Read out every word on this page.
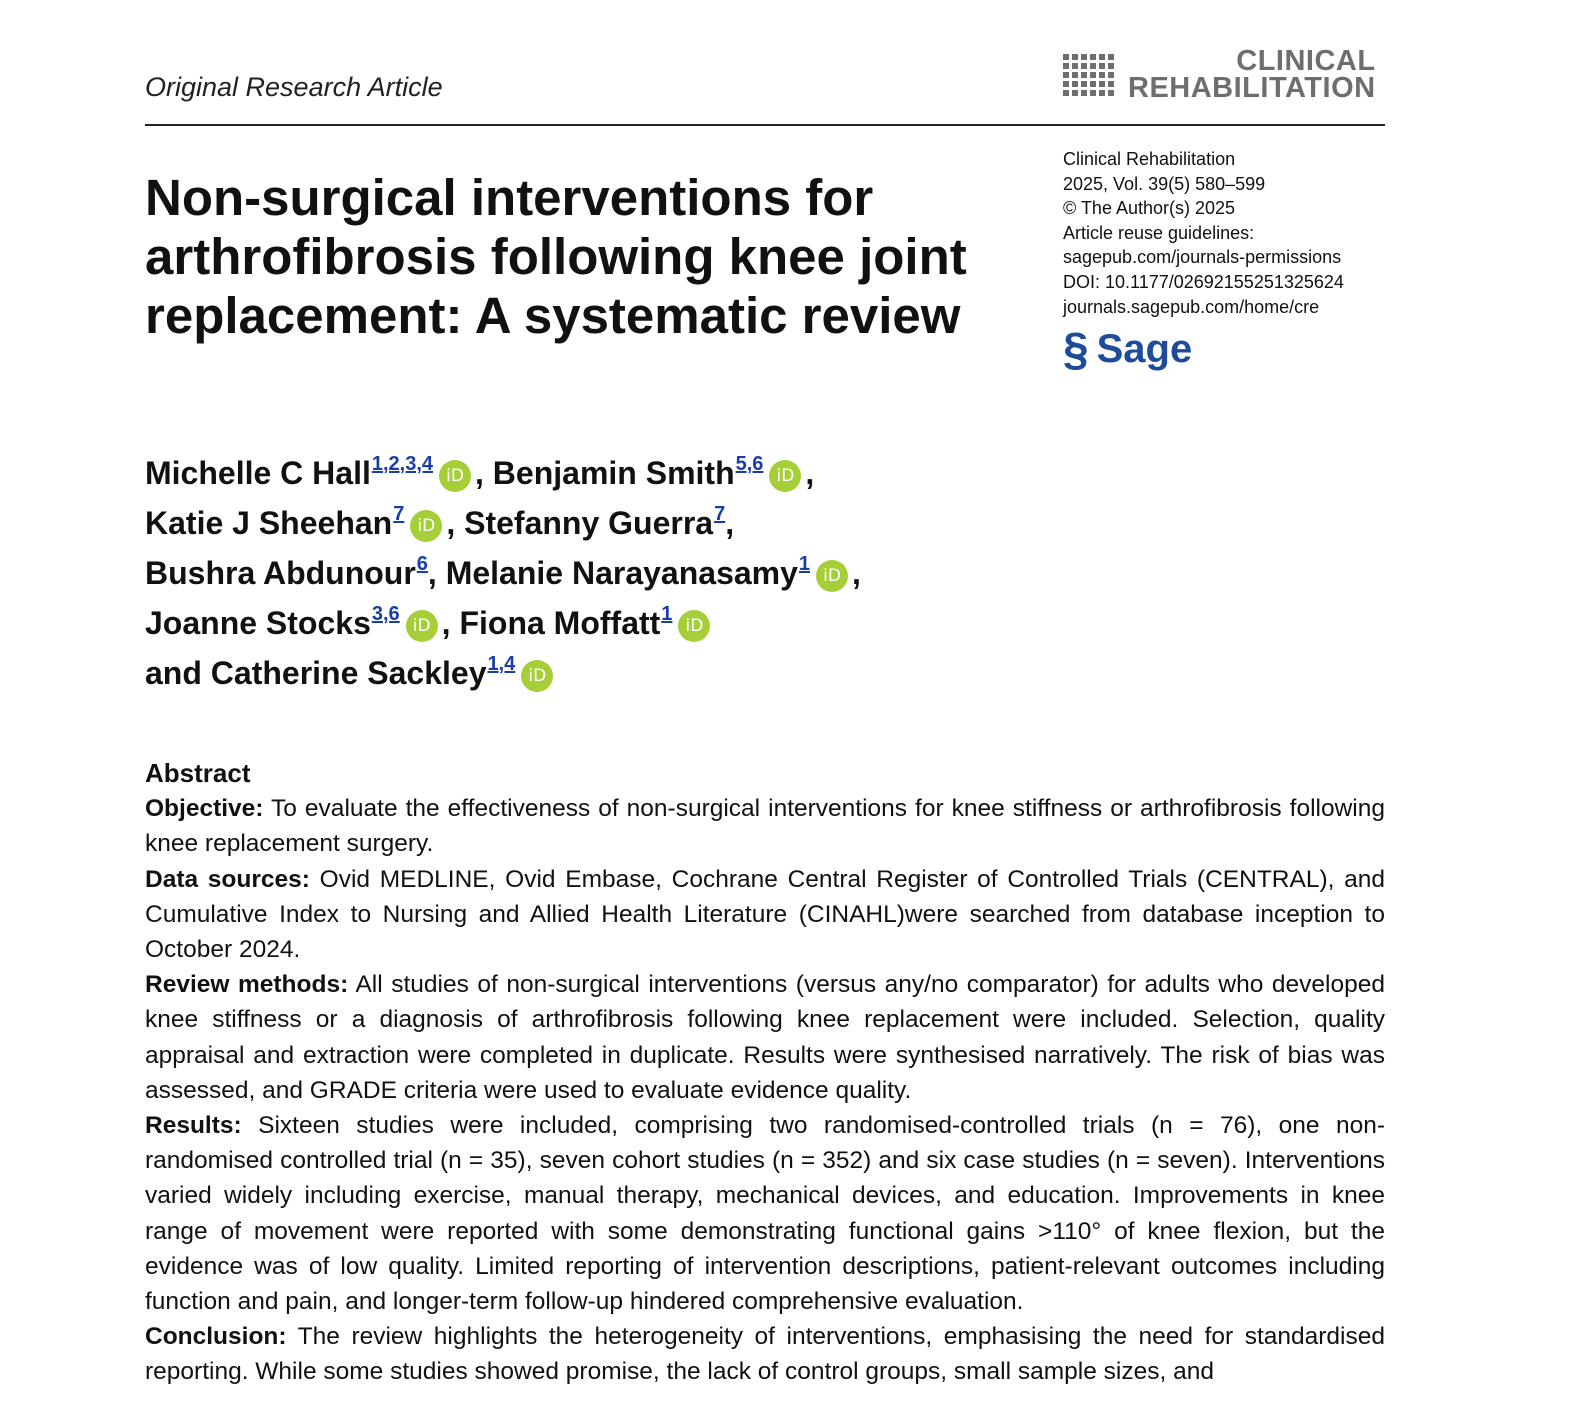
Original Research Article
CLINICAL
REHABILITATION
Non-surgical interventions for arthrofibrosis following knee joint replacement: A systematic review
Clinical Rehabilitation
2025, Vol. 39(5) 580–599
© The Author(s) 2025
Article reuse guidelines:
sagepub.com/journals-permissions
DOI: 10.1177/02692155251325624
journals.sagepub.com/home/cre
§ Sage
Michelle C Hall$^{1,2,3,4}$iD , Benjamin Smith$^{5,6}$iD ,
Katie J Sheehan$^7$iD , Stefanny Guerra$^7$,
Bushra Abdunour$^6$, Melanie Narayanasamy$^1$iD ,
Joanne Stocks$^{3,6}$iD , Fiona Moffatt$^1$iD
and Catherine Sackley$^{1,4}$iD
Abstract

Objective: To evaluate the effectiveness of non-surgical interventions for knee stiffness or arthrofibrosis following knee replacement surgery.

Data sources: Ovid MEDLINE, Ovid Embase, Cochrane Central Register of Controlled Trials (CENTRAL), and Cumulative Index to Nursing and Allied Health Literature (CINAHL)were searched from database inception to October 2024.

Review methods: All studies of non-surgical interventions (versus any/no comparator) for adults who developed knee stiffness or a diagnosis of arthrofibrosis following knee replacement were included. Selection, quality appraisal and extraction were completed in duplicate. Results were synthesised narratively. The risk of bias was assessed, and GRADE criteria were used to evaluate evidence quality.

Results: Sixteen studies were included, comprising two randomised-controlled trials (n = 76), one non-randomised controlled trial (n = 35), seven cohort studies (n = 352) and six case studies (n = seven). Interventions varied widely including exercise, manual therapy, mechanical devices, and education. Improvements in knee range of movement were reported with some demonstrating functional gains >110° of knee flexion, but the evidence was of low quality. Limited reporting of intervention descriptions, patient-relevant outcomes including function and pain, and longer-term follow-up hindered comprehensive evaluation.

Conclusion: The review highlights the heterogeneity of interventions, emphasising the need for standardised reporting. While some studies showed promise, the lack of control groups, small sample sizes, and
